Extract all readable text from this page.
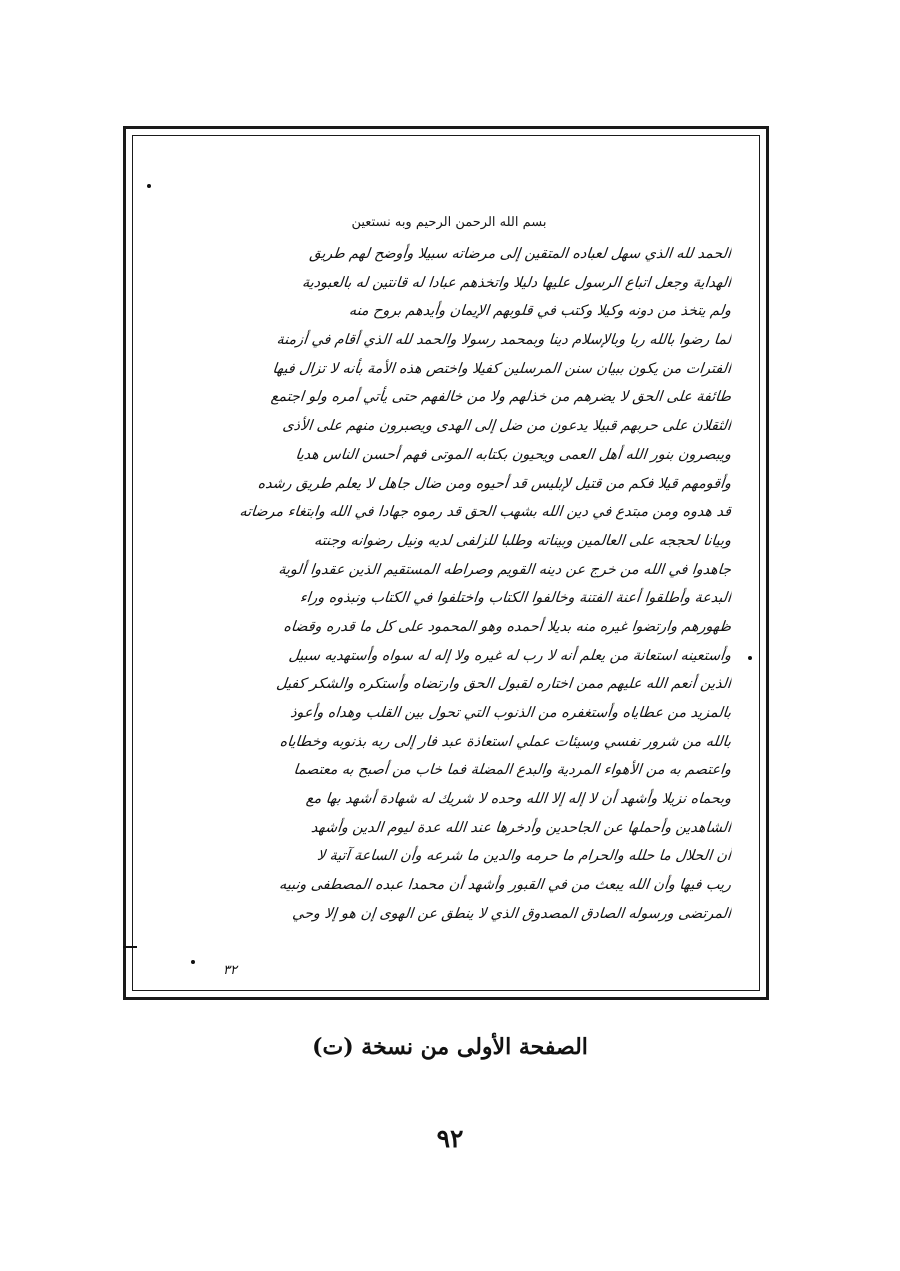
بسم الله الرحمن الرحيم وبه نستعين
الحمد لله الذي سهل لعباده المتقين إلى مرضاته سبيلا وأوضح لهم طريق
الهداية وجعل اتباع الرسول عليها دليلا واتخذهم عبادا له قانتين له بالعبودية
ولم يتخذ من دونه وكيلا وكتب في قلوبهم الإيمان وأيدهم بروح منه
لما رضوا بالله ربا وبالإسلام دينا وبمحمد رسولا والحمد لله الذي أقام في أزمنة
الفترات من يكون ببيان سنن المرسلين كفيلا واختص هذه الأمة بأنه لا تزال فيها
طائفة على الحق لا يضرهم من خذلهم ولا من خالفهم حتى يأتي أمره ولو اجتمع
الثقلان على حربهم قبيلا يدعون من ضل إلى الهدى ويصبرون منهم على الأذى
ويبصرون بنور الله أهل العمى ويحيون بكتابه الموتى فهم أحسن الناس هديا
وأقومهم قيلا فكم من قتيل لإبليس قد أحيوه ومن ضال جاهل لا يعلم طريق رشده
قد هدوه ومن مبتدع في دين الله بشهب الحق قد رموه جهادا في الله وابتغاء مرضاته
وبيانا لحججه على العالمين وبيناته وطلبا للزلفى لديه ونيل رضوانه وجنته
جاهدوا في الله من خرج عن دينه القويم وصراطه المستقيم الذين عقدوا ألوية
البدعة وأطلقوا أعنة الفتنة وخالفوا الكتاب واختلفوا في الكتاب ونبذوه وراء
ظهورهم وارتضوا غيره منه بديلا أحمده وهو المحمود على كل ما قدره وقضاه
وأستعينه استعانة من يعلم أنه لا رب له غيره ولا إله له سواه وأستهديه سبيل
الذين أنعم الله عليهم ممن اختاره لقبول الحق وارتضاه وأستكره والشكر كفيل
بالمزيد من عطاياه وأستغفره من الذنوب التي تحول بين القلب وهداه وأعوذ
بالله من شرور نفسي وسيئات عملي استعاذة عبد فار إلى ربه بذنوبه وخطاياه
واعتصم به من الأهواء المردية والبدع المضلة فما خاب من أصبح به معتصما
وبحماه نزيلا وأشهد أن لا إله إلا الله وحده لا شريك له شهادة أشهد بها مع
الشاهدين وأحملها عن الجاحدين وأدخرها عند الله عدة ليوم الدين وأشهد
أن الحلال ما حلله والحرام ما حرمه والدين ما شرعه وأن الساعة آتية لا
ريب فيها وأن الله يبعث من في القبور وأشهد أن محمدا عبده المصطفى ونبيه
المرتضى ورسوله الصادق المصدوق الذي لا ينطق عن الهوى إن هو إلا وحي
٣٢
الصفحة الأولى من نسخة (ت)
٩٢
